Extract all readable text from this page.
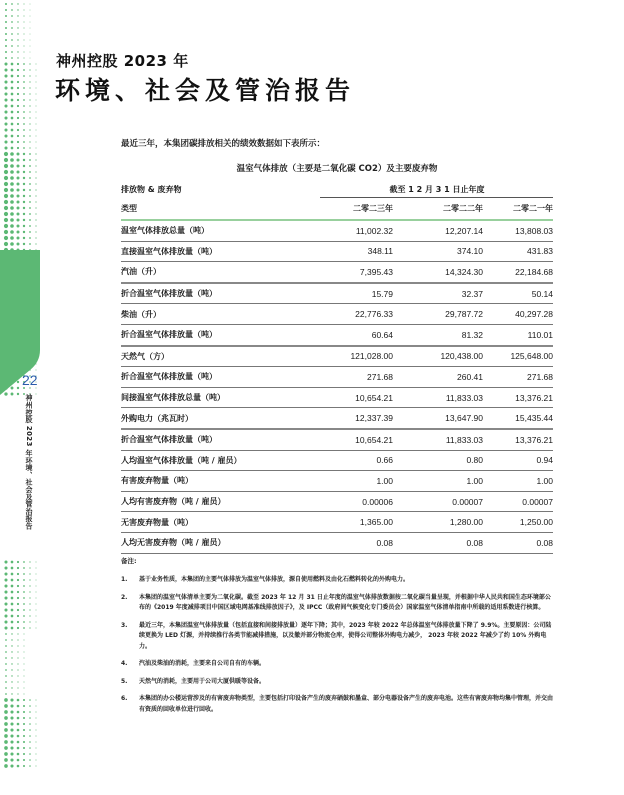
神州控股 2023 年
环境、社会及管治报告
22
神州控股 2023 年环境、社会及管治报告
最近三年，本集团碳排放相关的绩效数据如下表所示：
温室气体排放（主要是二氧化碳 CO2）及主要废弃物
排放物 & 废弃物	截至 1 2 月 3 1 日止年度
类型	二零二三年	二零二二年	二零二一年
温室气体排放总量（吨）	11,002.32	12,207.14	13,808.03
直接温室气体排放量（吨）	348.11	374.10	431.83
汽油（升）	7,395.43	14,324.30	22,184.68
折合温室气体排放量（吨）	15.79	32.37	50.14
柴油（升）	22,776.33	29,787.72	40,297.28
折合温室气体排放量（吨）	60.64	81.32	110.01
天然气（方）	121,028.00	120,438.00	125,648.00
折合温室气体排放量（吨）	271.68	260.41	271.68
间接温室气体排放总量（吨）	10,654.21	11,833.03	13,376.21
外购电力（兆瓦时）	12,337.39	13,647.90	15,435.44
折合温室气体排放量（吨）	10,654.21	11,833.03	13,376.21
人均温室气体排放量（吨 / 雇员）	0.66	0.80	0.94
有害废弃物量（吨）	1.00	1.00	1.00
人均有害废弃物（吨 / 雇员）	0.00006	0.00007	0.00007
无害废弃物量（吨）	1,365.00	1,280.00	1,250.00
人均无害废弃物（吨 / 雇员）	0.08	0.08	0.08
备注:
1. 基于业务性质，本集团的主要气体排放为温室气体排放，源自使用燃料及由化石燃料转化的外购电力。
2. 本集团的温室气体清单主要为二氧化碳。截至 2023 年 12 月 31 日止年度的温室气体排放数据按二氧化碳当量呈现，并根据中华人民共和国生态环境部公布的《2019 年度减排项目中国区域电网基准线排放因子》，及 IPCC（政府间气候变化专门委员会）国家温室气体清单指南中所载的适用系数进行核算。
3. 最近三年，本集团温室气体排放量（包括直接和间接排放量）逐年下降；其中，2023 年较 2022 年总体温室气体排放量下降了 9.9%。主要原因：公司陆续更换为 LED 灯源，并持续推行各类节能减排措施，以及撤并部分物流仓库，使得公司整体外购电力减少， 2023 年较 2022 年减少了约 10% 外购电力。
4. 汽油及柴油的消耗，主要来自公司自有的车辆。
5. 天然气的消耗，主要用于公司大厦供暖等设备。
6. 本集团的办公楼运营涉及的有害废弃物类型，主要包括打印设备产生的废弃硒鼓和墨盒、部分电器设备产生的废弃电池。这些有害废弃物均集中管理，并交由有资质的回收单位进行回收。
